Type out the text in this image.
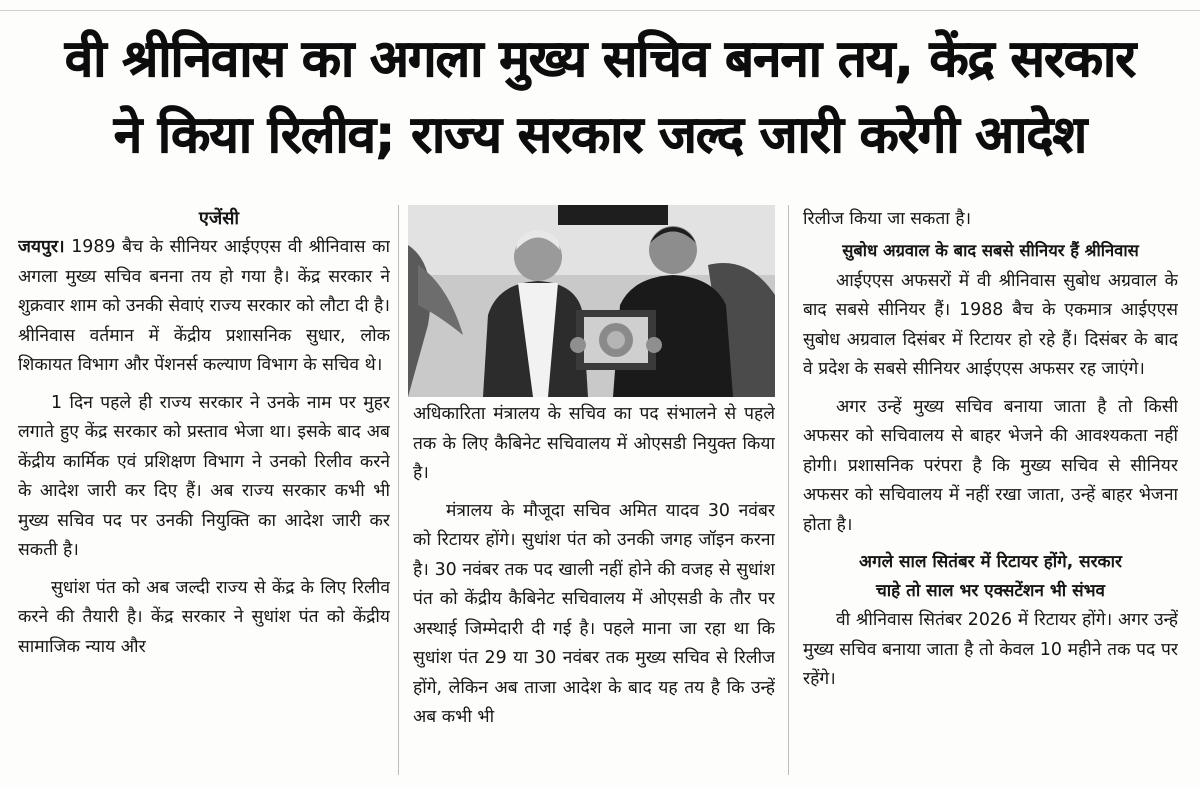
वी श्रीनिवास का अगला मुख्य सचिव बनना तय, केंद्र सरकार
ने किया रिलीव; राज्य सरकार जल्द जारी करेगी आदेश
एजेंसी

जयपुर। 1989 बैच के सीनियर आईएएस वी श्रीनिवास का अगला मुख्य सचिव बनना तय हो गया है। केंद्र सरकार ने शुक्रवार शाम को उनकी सेवाएं राज्य सरकार को लौटा दी है। श्रीनिवास वर्तमान में केंद्रीय प्रशासनिक सुधार, लोक शिकायत विभाग और पेंशनर्स कल्याण विभाग के सचिव थे।

1 दिन पहले ही राज्य सरकार ने उनके नाम पर मुहर लगाते हुए केंद्र सरकार को प्रस्ताव भेजा था। इसके बाद अब केंद्रीय कार्मिक एवं प्रशिक्षण विभाग ने उनको रिलीव करने के आदेश जारी कर दिए हैं। अब राज्य सरकार कभी भी मुख्य सचिव पद पर उनकी नियुक्ति का आदेश जारी कर सकती है।

सुधांश पंत को अब जल्दी राज्य से केंद्र के लिए रिलीव करने की तैयारी है। केंद्र सरकार ने सुधांश पंत को केंद्रीय सामाजिक न्याय और

अधिकारिता मंत्रालय के सचिव का पद संभालने से पहले तक के लिए कैबिनेट सचिवालय में ओएसडी नियुक्त किया है।

मंत्रालय के मौजूदा सचिव अमित यादव 30 नवंबर को रिटायर होंगे। सुधांश पंत को उनकी जगह जॉइन करना है। 30 नवंबर तक पद खाली नहीं होने की वजह से सुधांश पंत को केंद्रीय कैबिनेट सचिवालय में ओएसडी के तौर पर अस्थाई जिम्मेदारी दी गई है। पहले माना जा रहा था कि सुधांश पंत 29 या 30 नवंबर तक मुख्य सचिव से रिलीज होंगे, लेकिन अब ताजा आदेश के बाद यह तय है कि उन्हें अब कभी भी

रिलीज किया जा सकता है।

सुबोध अग्रवाल के बाद सबसे सीनियर हैं श्रीनिवास

आईएएस अफसरों में वी श्रीनिवास सुबोध अग्रवाल के बाद सबसे सीनियर हैं। 1988 बैच के एकमात्र आईएएस सुबोध अग्रवाल दिसंबर में रिटायर हो रहे हैं। दिसंबर के बाद वे प्रदेश के सबसे सीनियर आईएएस अफसर रह जाएंगे।

अगर उन्हें मुख्य सचिव बनाया जाता है तो किसी अफसर को सचिवालय से बाहर भेजने की आवश्यकता नहीं होगी। प्रशासनिक परंपरा है कि मुख्य सचिव से सीनियर अफसर को सचिवालय में नहीं रखा जाता, उन्हें बाहर भेजना होता है।

अगले साल सितंबर में रिटायर होंगे, सरकार
चाहे तो साल भर एक्सटेंशन भी संभव

वी श्रीनिवास सितंबर 2026 में रिटायर होंगे। अगर उन्हें मुख्य सचिव बनाया जाता है तो केवल 10 महीने तक पद पर रहेंगे।
